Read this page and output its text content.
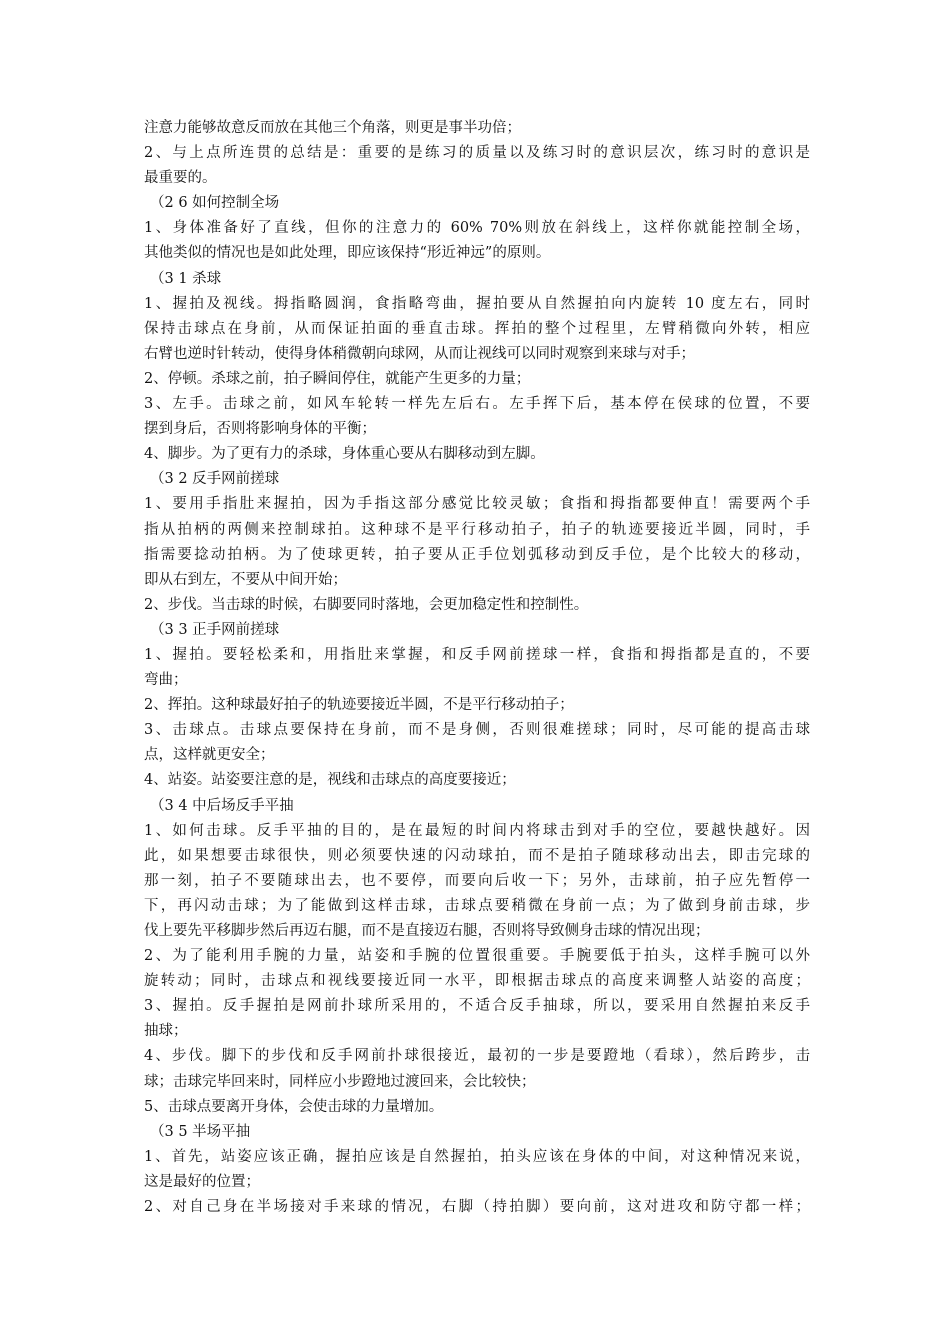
注意力能够故意反而放在其他三个角落，则更是事半功倍；
2、与上点所连贯的总结是：重要的是练习的质量以及练习时的意识层次，练习时的意识是
最重要的。
（2 6 如何控制全场
1、身体准备好了直线，但你的注意力的 60% 70%则放在斜线上，这样你就能控制全场，
其他类似的情况也是如此处理，即应该保持“形近神远”的原则。
（3 1 杀球
1、握拍及视线。拇指略圆润，食指略弯曲，握拍要从自然握拍向内旋转 10 度左右，同时
保持击球点在身前，从而保证拍面的垂直击球。挥拍的整个过程里，左臂稍微向外转，相应
右臂也逆时针转动，使得身体稍微朝向球网，从而让视线可以同时观察到来球与对手；
2、停顿。杀球之前，拍子瞬间停住，就能产生更多的力量；
3、左手。击球之前，如风车轮转一样先左后右。左手挥下后，基本停在侯球的位置，不要
摆到身后，否则将影响身体的平衡；
4、脚步。为了更有力的杀球，身体重心要从右脚移动到左脚。
（3 2 反手网前搓球
1、要用手指肚来握拍，因为手指这部分感觉比较灵敏；食指和拇指都要伸直！需要两个手
指从拍柄的两侧来控制球拍。这种球不是平行移动拍子，拍子的轨迹要接近半圆，同时，手
指需要捻动拍柄。为了使球更转，拍子要从正手位划弧移动到反手位，是个比较大的移动，
即从右到左，不要从中间开始；
2、步伐。当击球的时候，右脚要同时落地，会更加稳定性和控制性。
（3 3 正手网前搓球
1、握拍。要轻松柔和，用指肚来掌握，和反手网前搓球一样，食指和拇指都是直的，不要
弯曲；
2、挥拍。这种球最好拍子的轨迹要接近半圆，不是平行移动拍子；
3、击球点。击球点要保持在身前，而不是身侧，否则很难搓球；同时，尽可能的提高击球
点，这样就更安全；
4、站姿。站姿要注意的是，视线和击球点的高度要接近；
（3 4 中后场反手平抽
1、如何击球。反手平抽的目的，是在最短的时间内将球击到对手的空位，要越快越好。因
此，如果想要击球很快，则必须要快速的闪动球拍，而不是拍子随球移动出去，即击完球的
那一刻，拍子不要随球出去，也不要停，而要向后收一下；另外，击球前，拍子应先暂停一
下，再闪动击球；为了能做到这样击球，击球点要稍微在身前一点；为了做到身前击球，步
伐上要先平移脚步然后再迈右腿，而不是直接迈右腿，否则将导致侧身击球的情况出现；
2、为了能利用手腕的力量，站姿和手腕的位置很重要。手腕要低于拍头，这样手腕可以外
旋转动；同时，击球点和视线要接近同一水平，即根据击球点的高度来调整人站姿的高度；
3、握拍。反手握拍是网前扑球所采用的，不适合反手抽球，所以，要采用自然握拍来反手
抽球；
4、步伐。脚下的步伐和反手网前扑球很接近，最初的一步是要蹬地（看球），然后跨步，击
球；击球完毕回来时，同样应小步蹬地过渡回来，会比较快；
5、击球点要离开身体，会使击球的力量增加。
（3 5 半场平抽
1、首先，站姿应该正确，握拍应该是自然握拍，拍头应该在身体的中间，对这种情况来说，
这是最好的位置；
2、对自己身在半场接对手来球的情况，右脚（持拍脚）要向前，这对进攻和防守都一样；
